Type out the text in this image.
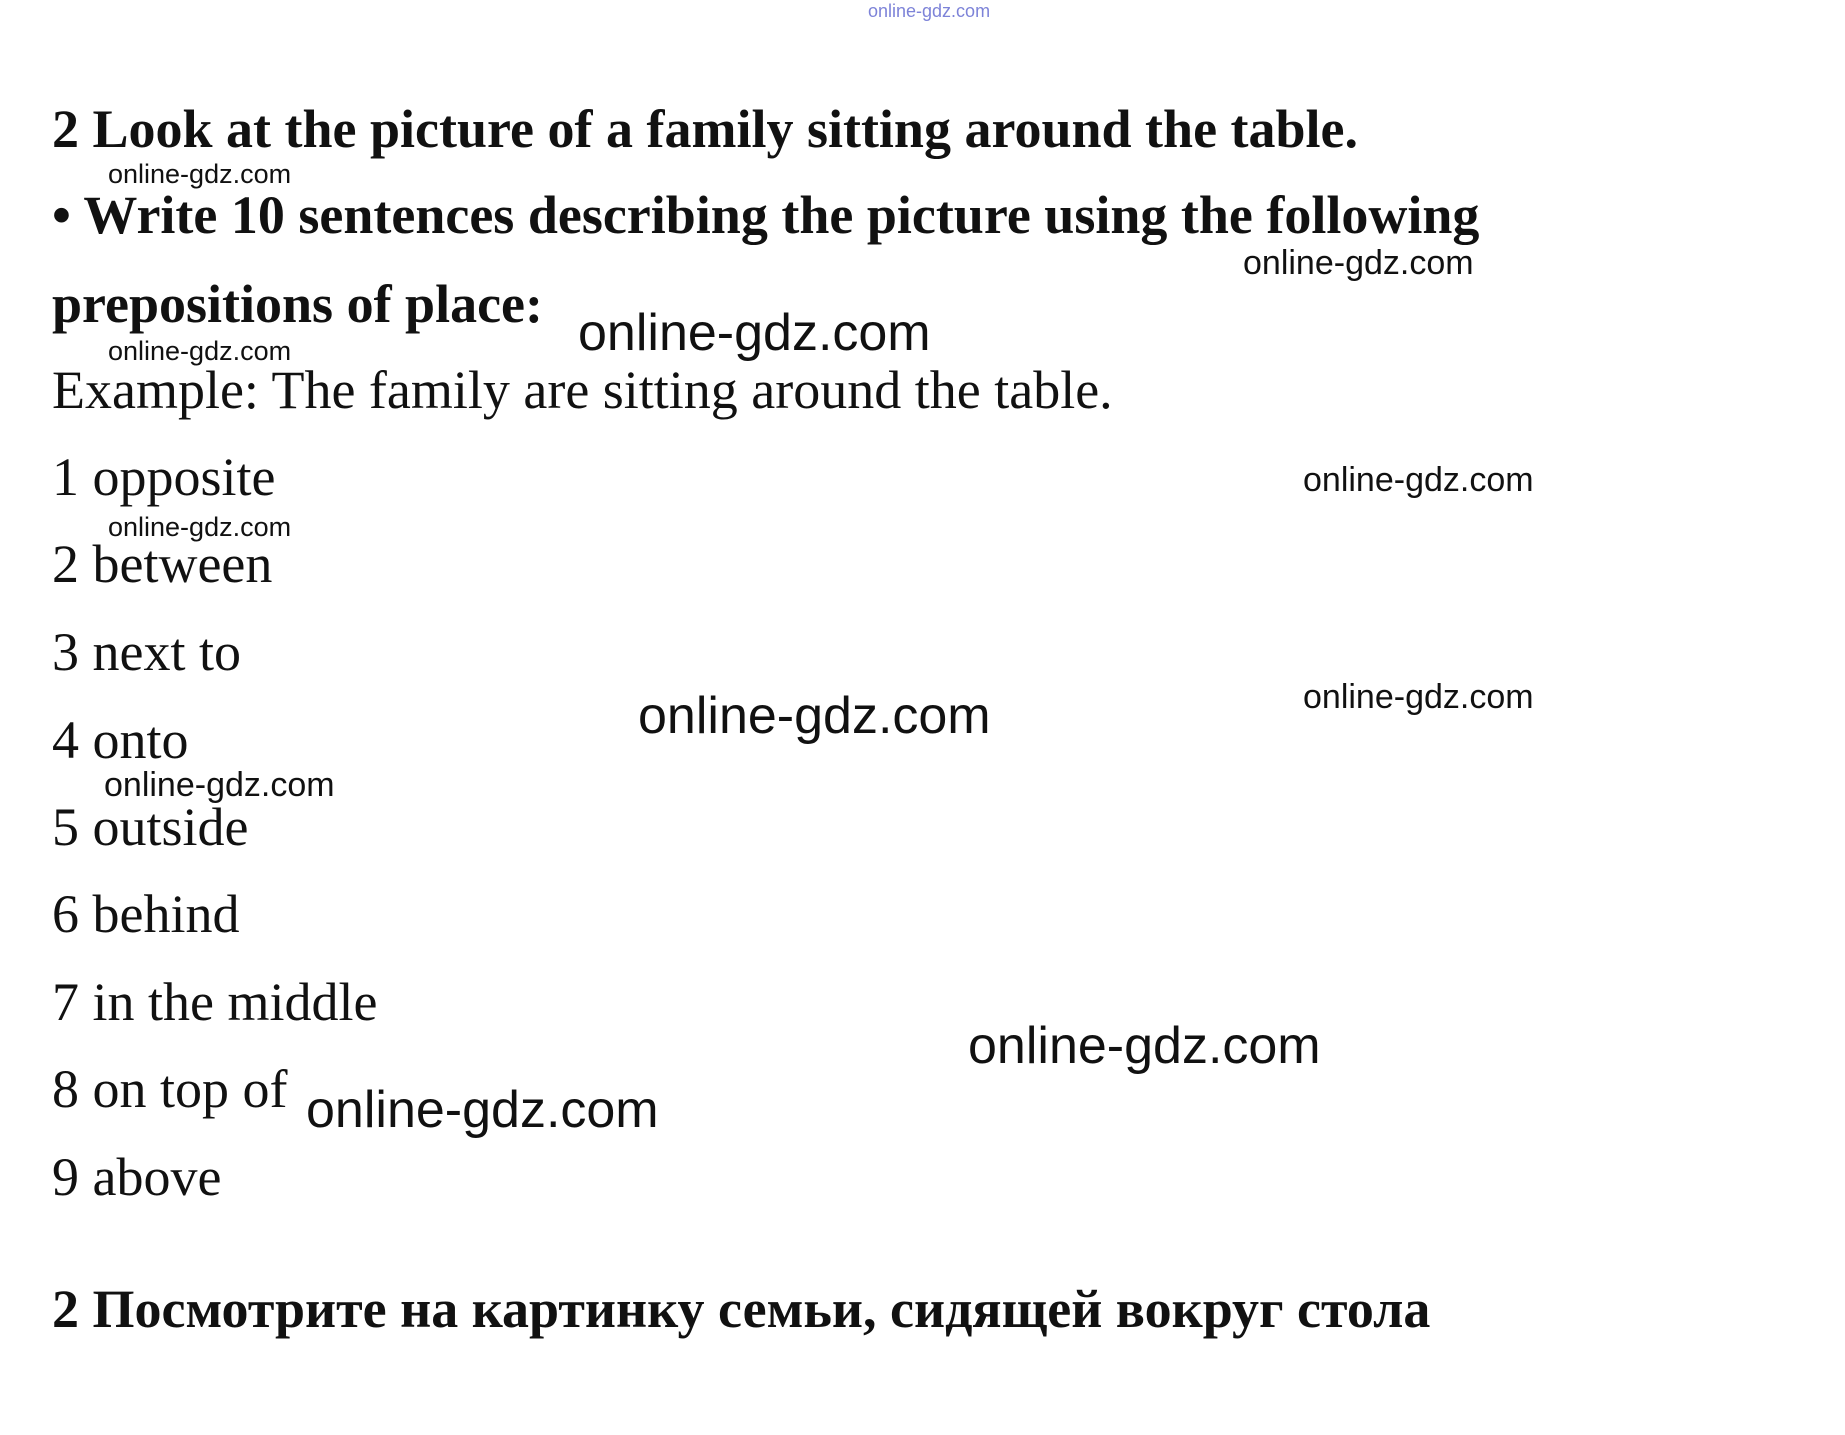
online-gdz.com
2 Look at the picture of a family sitting around the table.
• Write 10 sentences describing the picture using the following
prepositions of place:
Example: The family are sitting around the table.
1 opposite
2 between
3 next to
4 onto
5 outside
6 behind
7 in the middle
8 on top of
9 above
2 Посмотрите на картинку семьи, сидящей вокруг стола
online-gdz.com
online-gdz.com
online-gdz.com
online-gdz.com
online-gdz.com
online-gdz.com
online-gdz.com
online-gdz.com
online-gdz.com
online-gdz.com
online-gdz.com
